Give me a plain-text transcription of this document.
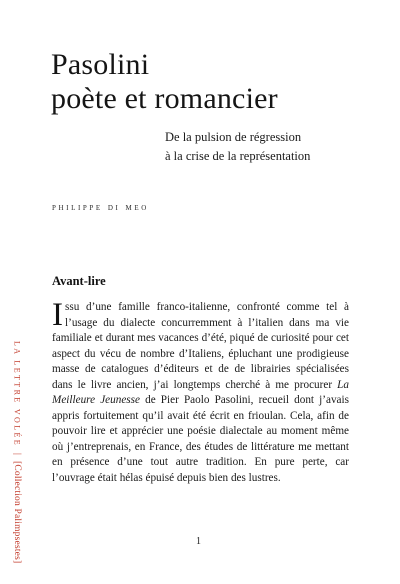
Pasolini
poète et romancier
De la pulsion de régression
à la crise de la représentation
philippe di meo
Avant-lire
Issu d’une famille franco-italienne, confronté comme tel à l’usage du dialecte concurremment à l’italien dans ma vie familiale et durant mes vacances d’été, piqué de curiosité pour cet aspect du vécu de nombre d’Italiens, épluchant une prodigieuse masse de catalogues d’éditeurs et de de librairies spécialisées dans le livre ancien, j’ai longtemps cherché à me procurer La Meilleure Jeunesse de Pier Paolo Pasolini, recueil dont j’avais appris fortuitement qu’il avait été écrit en frioulan. Cela, afin de pouvoir lire et apprécier une poésie dialectale au moment même où j’entreprenais, en France, des études de littérature me mettant en présence d’une tout autre tradition. En pure perte, car l’ouvrage était hélas épuisé depuis bien des lustres.
1
LA LETTRE VOLÉE
|
[Collection Palimpsestes]
